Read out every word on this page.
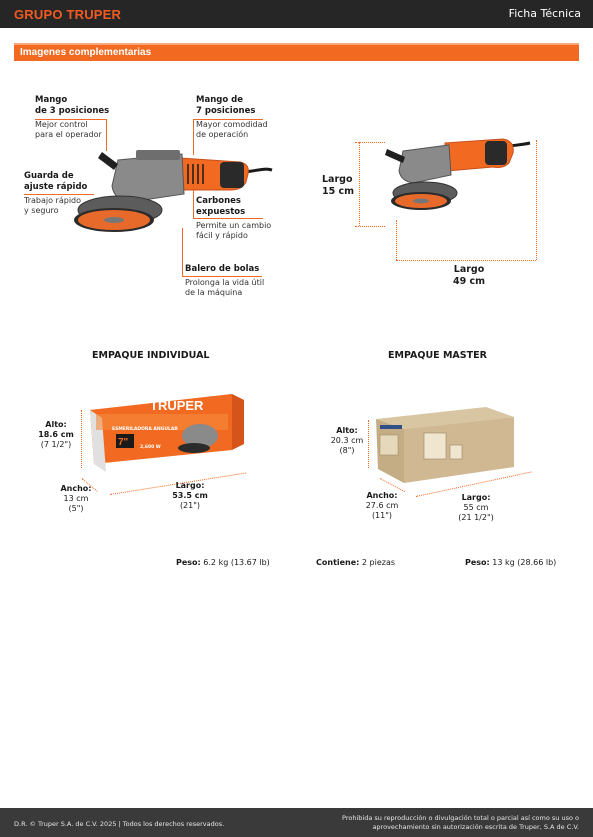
GRUPO TRUPER	Ficha Técnica
Imagenes complementarias
Mango
de 3 posiciones
Mejor control
para el operador
Mango de
7 posiciones
Mayor comodidad
de operación
Guarda de
ajuste rápido
Trabajo rápido
y seguro
Carbones
expuestos
Permite un cambio
fácil y rápido
Balero de bolas
Prolonga la vida útil
de la máquina
Largo
15 cm
Largo
49 cm
EMPAQUE INDIVIDUAL	EMPAQUE MASTER
TRUPER
7"
ESMERILADORA ANGULAR
2,600 W
Alto:
18.6 cm
(7 1/2")
Ancho:
13 cm
(5")
Largo:
53.5 cm
(21")
Alto:
20.3 cm
(8")
Ancho:
27.6 cm
(11")
Largo:
55 cm
(21 1/2")
Peso: 6.2 kg (13.67 lb)	Contiene: 2 piezas	Peso: 13 kg (28.66 lb)
D.R. © Truper S.A. de C.V. 2025 | Todos los derechos reservados.
Prohibida su reproducción o divulgación total o parcial así como su uso o
aprovechamiento sin autorización escrita de Truper, S.A de C.V.
